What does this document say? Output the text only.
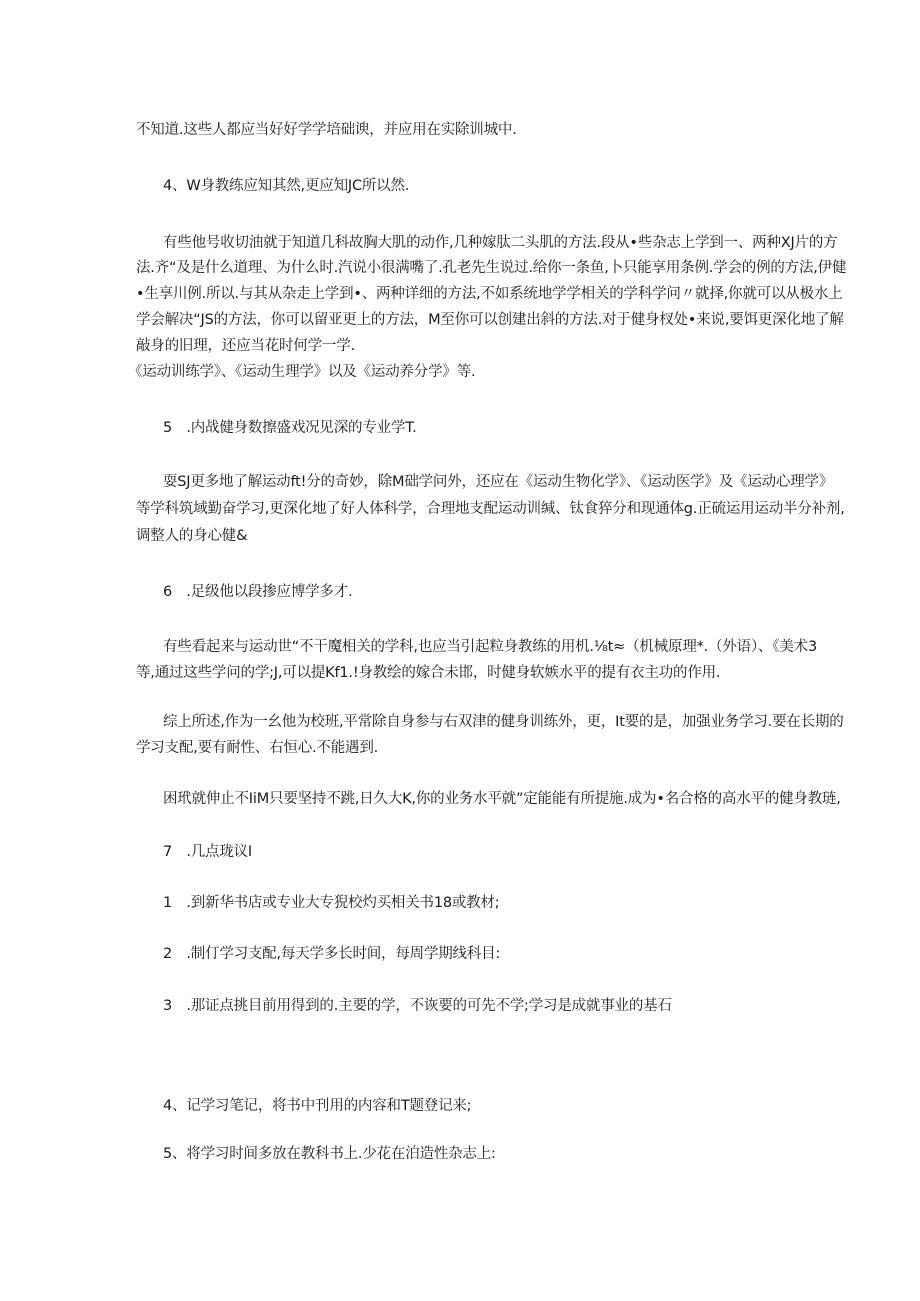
不知道.这些人都应当好好学学培础谀，并应用在实除训城中.
4、W身教练应知其然,更应知JC所以然.
有些他号收切油就于知道几科故胸大肌的动作,几种嫁肽二头肌的方法.段从•些杂志上学到一、两种XJ片的方
法.齐“及是什么道理、为什么时.汽说小很满嘴了.孔老先生说过.给你一条鱼,卜只能享用条例.学会的例的方法,伊健
•生享川例.所以.与其从杂走上学到•、两种详细的方法,不如系统地学学相关的学科学问〃就择,你就可以从极水上
学会解决“JS的方法，你可以留亚更上的方法，M至你可以创建出斜的方法.对于健身杈处•来说,要饵更深化地了解
敲身的旧理，还应当花时何学一学.
《运动训练学》、《运动生理学》以及《运动养分学》等.
5　.内战健身数擦盛戏况见深的专业学T.
耍SJ更多地了解运动ft!分的奇妙，除M础学问外，还应在《运动生物化学》、《运动医学》及《运动心理学》
等学科筑域勤奋学习,更深化地了好人体科学，合理地支配运动训缄、钛食猝分和现通体g.正硫运用运动半分补剂,
调整人的身心健&
6　.足级他以段掺应博学多才.
有些看起来与运动世“不干魔相关的学科,也应当引起粒身教练的用机.⅛t≈（机械原理*.（外语）、《美术3
等,通过这些学问的学;J,可以提Kf1.!身教绘的嫁合未邯，时健身软嫉水平的提有衣主功的作用.
综上所述,作为一幺他为校班,平常除自身参与右双津的健身训练外，更，It要的是，加强业务学习.要在长期的
学习支配,要有耐性、右恒心.不能遇到.
困玳就伸止不IiM只要坚持不跳,日久大K,你的业务水平就”定能能有所提施.成为•名合格的高水平的健身教琏,
7　.几点珑议I
1　.到新华书店或专业大专猊校灼买相关书18或教材;
2　.制仃学习支配,每天学多长时间，每周学期线科目:
3　.那证点挑目前用得到的.主要的学，不诙要的可先不学;学习是成就事业的基石
4、记学习笔记，将书中刊用的内容和T题登记来;
5、将学习时间多放在教科书上.少花在泊造性杂志上:
